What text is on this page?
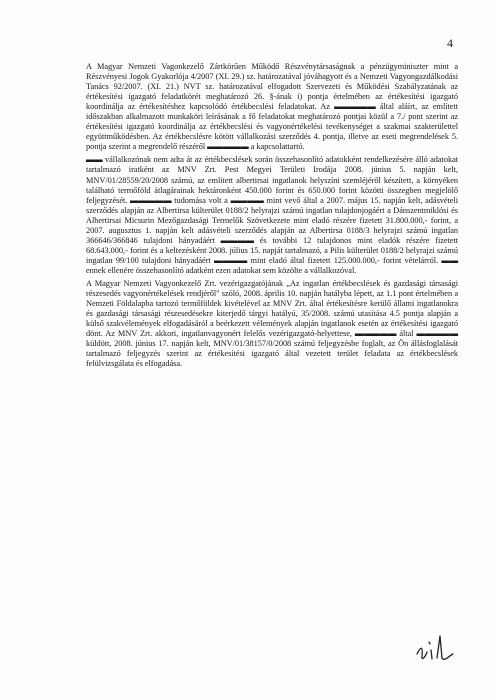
4

A Magyar Nemzeti Vagonkezelő Zártkörűen Működő Részvénytársaságnak a pénzügyminiszter mint a Részvényesi Jogok Gyakorlója 4/2007 (XI. 29.) sz. határozatával jóváhagyott és a Nemzeti Vagyongazdálkodási Tanács 92/2007. (XI. 21.) NVT sz. határozatával elfogadott Szervezeti és Működési Szabályzatának az értékesítési igazgató feladatkörét meghatározó 26. §-ának i) pontja értelmében az értékesítési igazgató koordinálja az értékesítéshez kapcsolódó értékbecslési feladatokat. Az ▬▬▬▬▬ által aláírt, az említett időszakban alkalmazott munkaköri leírásának a fő feladatokat meghatározó pontjai közül a 7./ pont szerint az értékesítési igazgató koordinálja az értékbecslési és vagyonértékelési tevékenységet a szakmai szakterülettel együttműködésben. Az értékbecslésre kötött vállalkozási szerződés 4. pontja, illetve az eseti megrendelések 5. pontja szerint a megrendelő részéről ▬▬▬▬▬ a kapcsolattartó.

▬▬ vállalkozónak nem adta át az értékbecslések során összehasonlító adatokként rendelkezésére álló adatokat tartalmazó iratként az MNV Zrt. Pest Megyei Területi Irodája 2008. június 5. napján kelt, MNV/01/28559/20/2008 számú, az említett albertirsai ingatlanok helyszíni szemléjéről készített, a környéken található termőföld átlagárainak hektáronként 450.000 forint és 650.000 forint közötti összegben megjelölő feljegyzését. ▬▬▬▬▬ tudomása volt a ▬▬▬▬ mint vevő által a 2007. május 15. napján kelt, adásvételi szerződés alapján az Albertirsa külterület 0188/2 helyrajzi számú ingatlan tulajdonjogáért a Dánszentmiklósi és Albertirsai Micsurin Mezőgazdasági Termelők Szövetkezete mint eladó részére fizetett 31.800.000,- forint, a 2007. augusztus 1. napján kelt adásvételi szerződés alapján az Albertirsa 0188/3 helyrajzi számú ingatlan 366646/366846 tulajdoni hányadáért ▬▬▬▬ és további 12 tulajdonos mint eladók részére fizetett 68.643.000,- forint és a keltezésként 2008. július 15. napját tartalmazó, a Pilis külterület 0188/2 helyrajzi számú ingatlan 99/100 tulajdoni hányadáért ▬▬▬▬ mint eladó által fizetett 125.000.000,- forint vételárról. ▬▬ ennek ellenére összehasonlító adatként ezen adatokat sem közölte a vállalkozóval.

A Magyar Nemzeti Vagyonkezelő Zrt. vezérigazgatójának „Az ingatlan értékbecslések és gazdasági társasági részesedés vagyonértékelések rendjéről" szóló, 2008. április 10. napján hatályba lépett, az 1.1 pont értelmében a Nemzeti Földalapba tartozó termőföldek kivételével az MNV Zrt. által értékesítésre kerülő állami ingatlanokra és gazdasági társasági részesedésekre kiterjedő tárgyi hatályú, 35/2008. számú utasítása 4.5 pontja alapján a külső szakvélemények elfogadásáról a beérkezett vélemények alapján ingatlanok esetén az értékesítési igazgató dönt. Az MNV Zrt. akkori, ingatlanvagyonért felelős vezérigazgató-helyettese, ▬▬▬▬▬ által ▬▬▬▬▬ küldött, 2008. június 17. napján kelt, MNV/01/38157/0/2008 számú feljegyzésbe foglalt, az Ön állásfoglalását tartalmazó feljegyzés szerint az értékesítési igazgató által vezetett terület feladata az értékbecslések felülvizsgálata és elfogadása.
